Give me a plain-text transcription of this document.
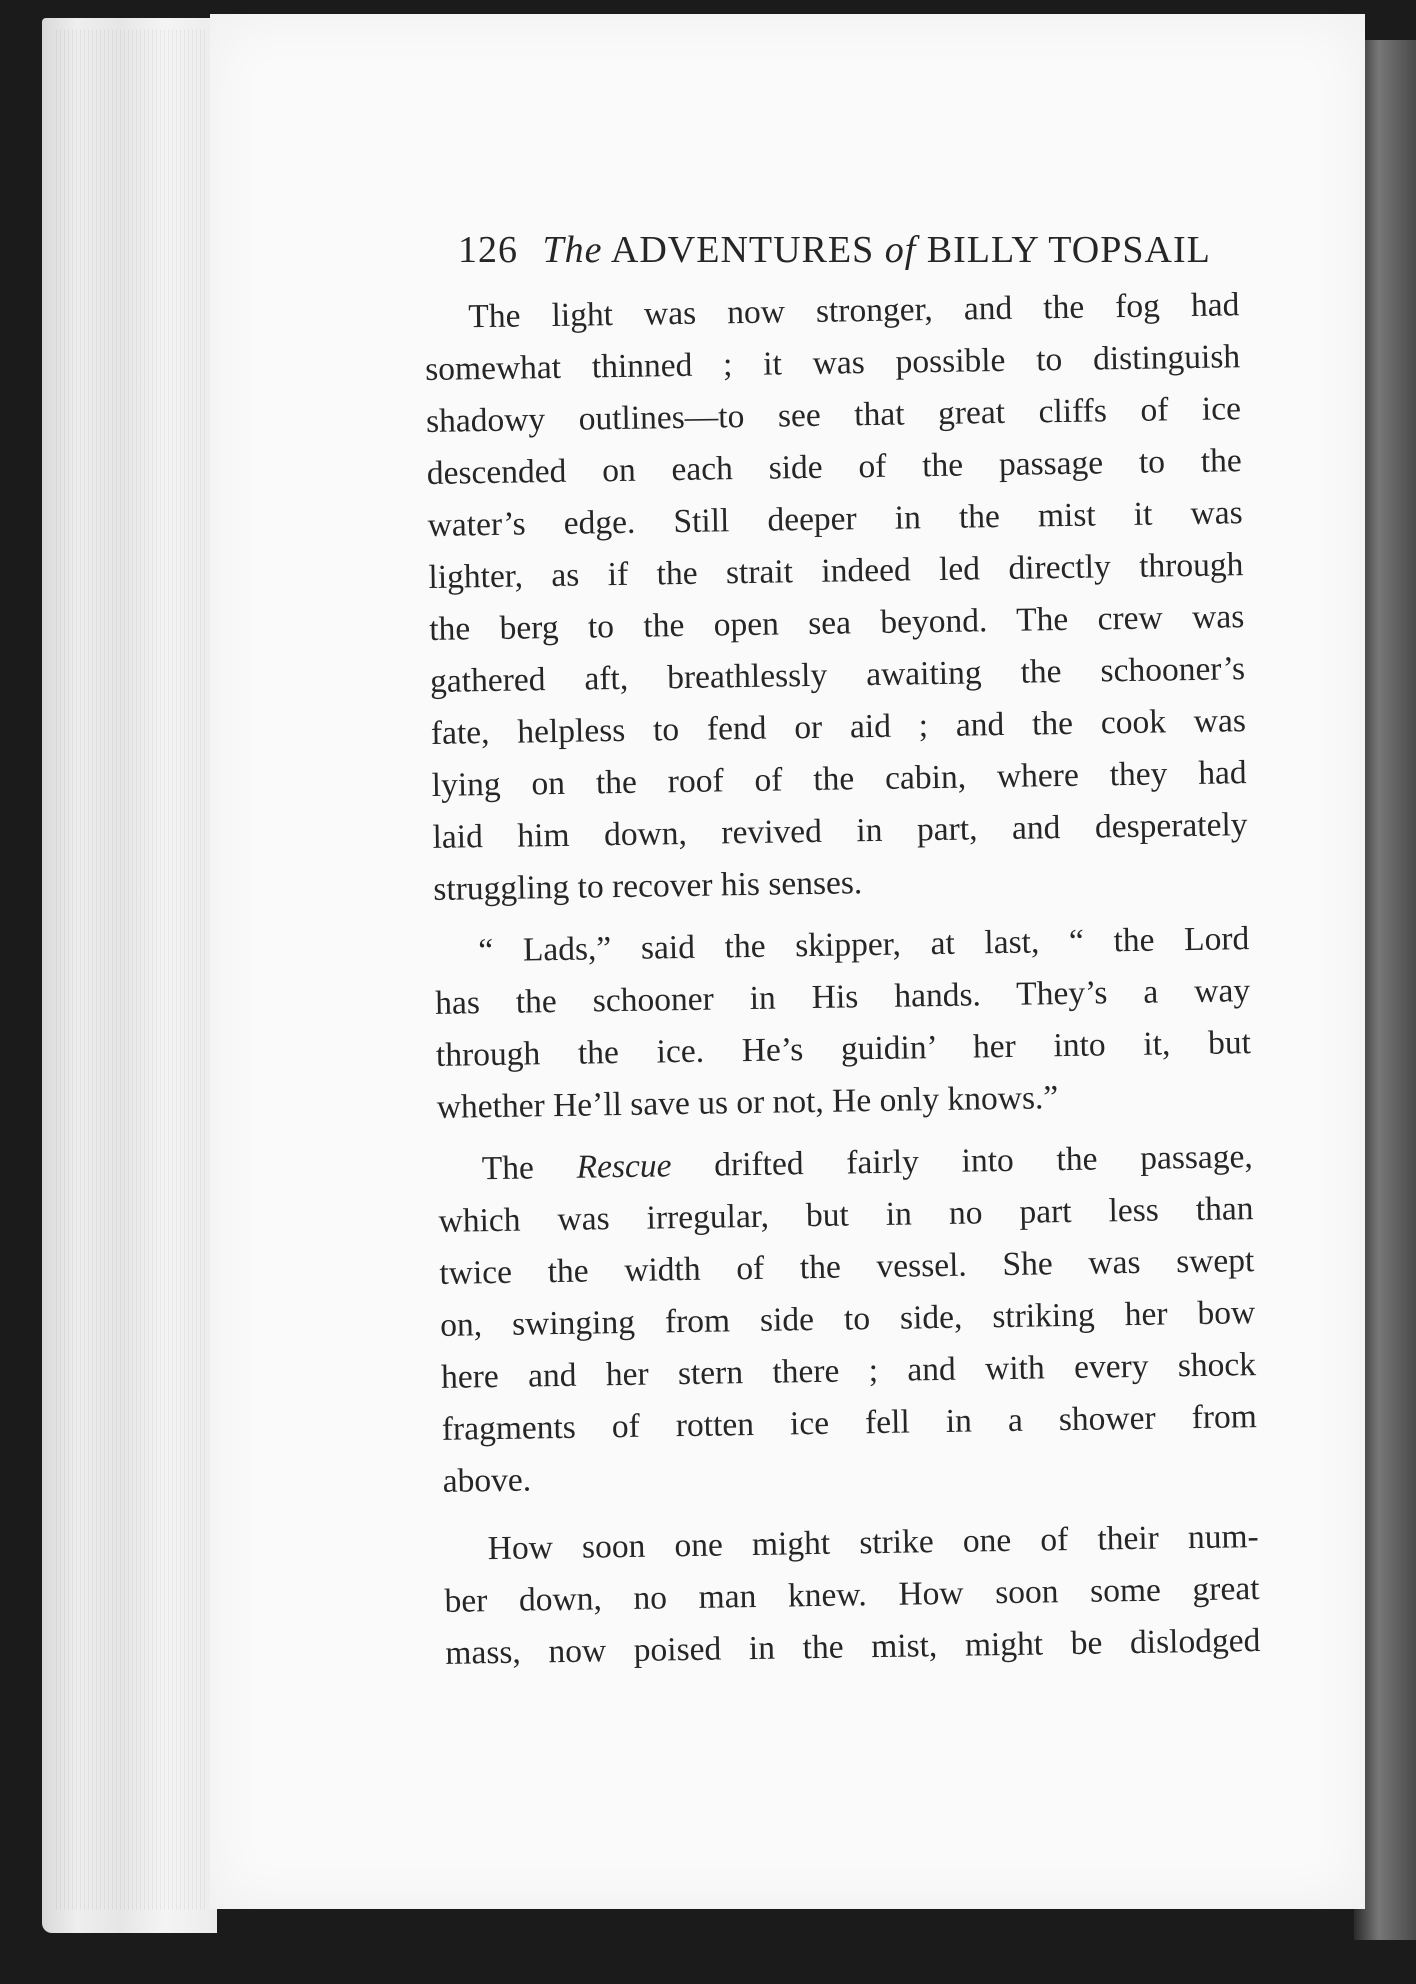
126 The ADVENTURES of BILLY TOPSAIL
The light was now stronger, and the fog had
somewhat thinned ; it was possible to distinguish
shadowy outlines—to see that great cliffs of ice
descended on each side of the passage to the
water’s edge. Still deeper in the mist it was
lighter, as if the strait indeed led directly through
the berg to the open sea beyond. The crew was
gathered aft, breathlessly awaiting the schooner’s
fate, helpless to fend or aid ; and the cook was
lying on the roof of the cabin, where they had
laid him down, revived in part, and desperately
struggling to recover his senses.
“ Lads,” said the skipper, at last, “ the Lord
has the schooner in His hands. They’s a way
through the ice. He’s guidin’ her into it, but
whether He’ll save us or not, He only knows.”
The Rescue drifted fairly into the passage,
which was irregular, but in no part less than
twice the width of the vessel. She was swept
on, swinging from side to side, striking her bow
here and her stern there ; and with every shock
fragments of rotten ice fell in a shower from
above.
How soon one might strike one of their num-
ber down, no man knew. How soon some great
mass, now poised in the mist, might be dislodged
